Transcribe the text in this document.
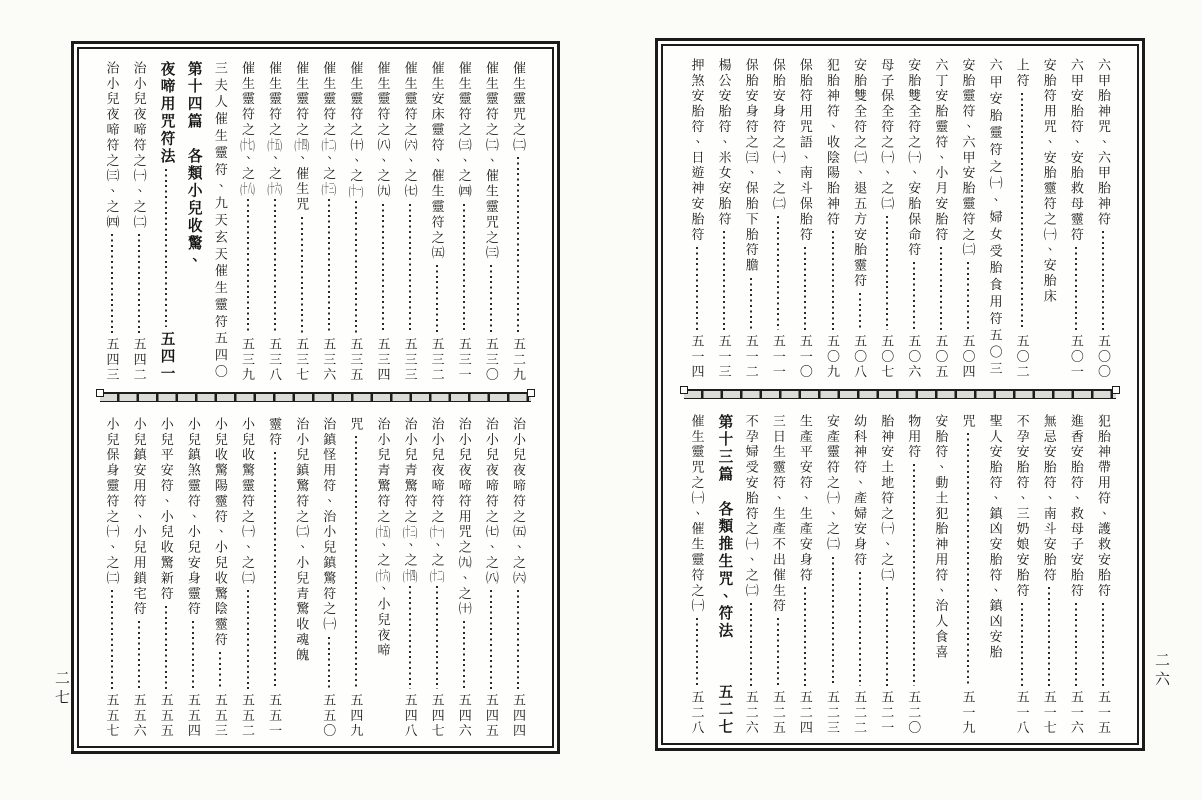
六甲胎神咒、六甲胎神符
五〇〇
六甲安胎符、安胎救母靈符
五〇一
安胎符用咒、安胎靈符之㈠、安胎床
上符
五〇二
六甲安胎靈符之㈠、婦女受胎食用符
五〇三
安胎靈符、六甲安胎靈符之㈡
五〇四
六丁安胎靈符、小月安胎符
五〇五
安胎雙全符之㈠、安胎保命符
五〇六
母子保全符之㈠、之㈡
五〇七
安胎雙全符之㈡、退五方安胎靈符
五〇八
犯胎神符、收陰陽胎神符
五〇九
保胎符用咒語、南斗保胎符
五一〇
保胎安身符之㈠、之㈡
五一一
保胎安身符之㈢、保胎下胎符膽
五一二
楊公安胎符、米女安胎符
五一三
押煞安胎符、日遊神安胎符
五一四
犯胎神帶用符、護救安胎符
五一五
進香安胎符、救母子安胎符
五一六
無忌安胎符、南斗安胎符
五一七
不孕安胎符、三奶娘安胎符
五一八
聖人安胎符、鎮凶安胎符、鎮凶安胎
咒
五一九
安胎符、動土犯胎神用符、治人食喜
物用符
五二〇
胎神安土地符之㈠、之㈡
五二一
幼科神符、產婦安身符
五二二
安產靈符之㈠、之㈡
五二三
生產平安符、生產安身符
五二四
三日生靈符、生產不出催生符
五二五
不孕婦受安胎符之㈠、之㈡
五二六
第十三篇　各類推生咒、符法
五二七
催生靈咒之㈠、催生靈符之㈠
五二八
二六
催生靈咒之㈡
五二九
催生靈符之㈡、催生靈咒之㈢
五三〇
催生靈符之㈢、之㈣
五三一
催生安床靈符、催生靈符之㈤
五三二
催生靈符之㈥、之㈦
五三三
催生靈符之㈧、之㈨
五三四
催生靈符之㈩、之(十一)
五三五
催生靈符之(十二)、之(十三)
五三六
催生靈符之(十四)、催生咒
五三七
催生靈符之(十五)、之(十六)
五三八
催生靈符之(十七)、之(十八)
五三九
三夫人催生靈符、九天玄天催生靈符
五四〇
第十四篇　各類小兒收驚、
夜啼用咒符法
五四一
治小兒夜啼符之㈠、之㈡
五四二
治小兒夜啼符之㈢、之㈣
五四三
治小兒夜啼符之㈤、之㈥
五四四
治小兒夜啼符之㈦、之㈧
五四五
治小兒夜啼符用咒之㈨、之㈩
五四六
治小兒夜啼符之(十一)、之(十二)
五四七
治小兒青驚符之(十三)、之(十四)
五四八
治小兒青驚符之(十五)、之(十六)、小兒夜啼
咒
五四九
治鎮怪用符、治小兒鎮驚符之㈠
五五〇
治小兒鎮驚符之㈡、小兒青驚收魂魄
靈符
五五一
小兒收驚靈符之㈠、之㈡
五五二
小兒收驚陽靈符、小兒收驚陰靈符
五五三
小兒鎮煞靈符、小兒安身靈符
五五四
小兒平安符、小兒收驚新符
五五五
小兒鎮安用符、小兒用鎖宅符
五五六
小兒保身靈符之㈠、之㈡
五五七
二七
